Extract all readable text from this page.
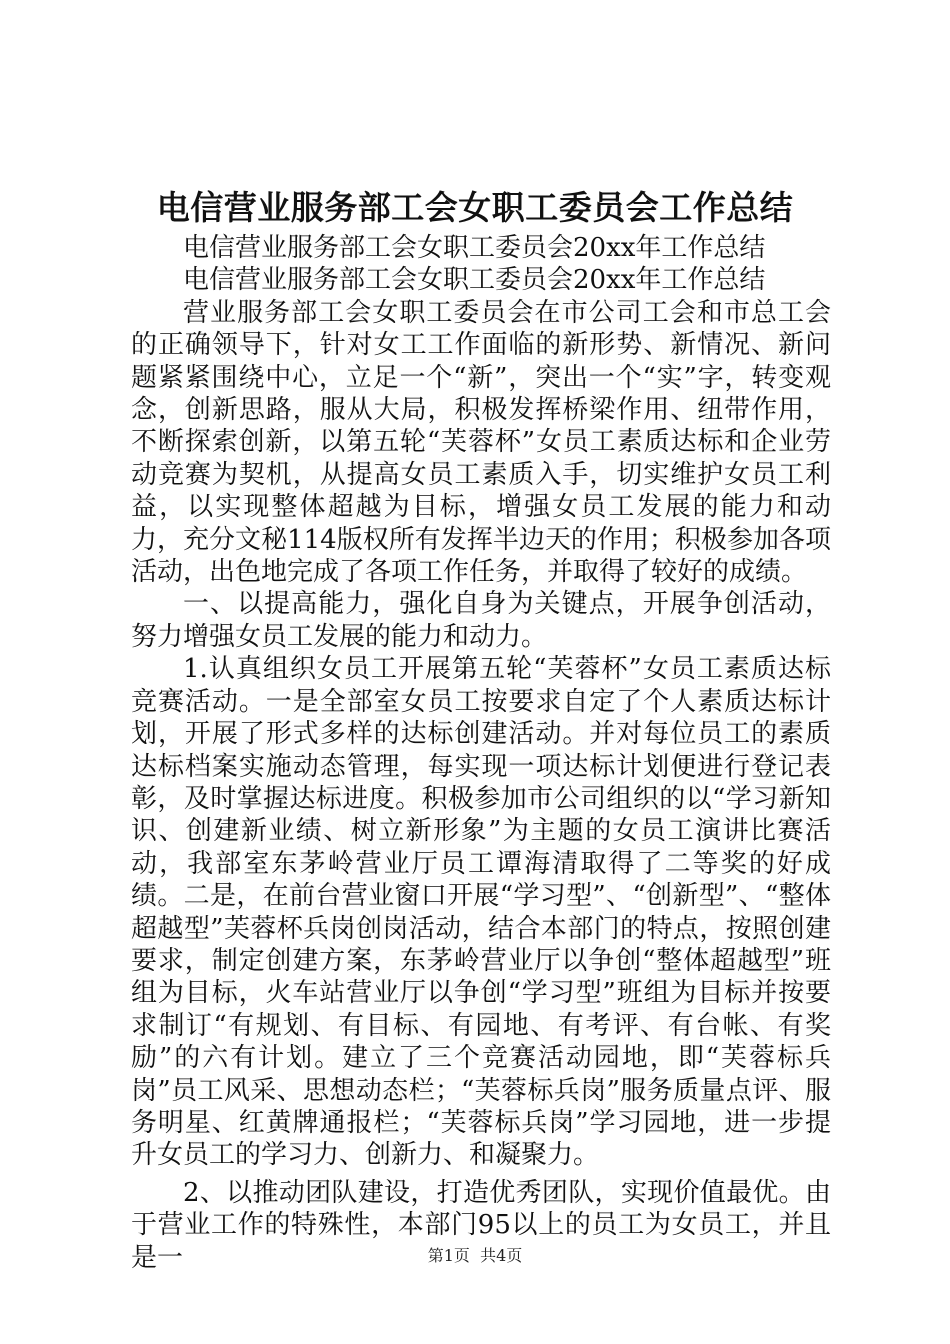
电信营业服务部工会女职工委员会工作总结

电信营业服务部工会女职工委员会20xx年工作总结

电信营业服务部工会女职工委员会20xx年工作总结

营业服务部工会女职工委员会在市公司工会和市总工会的正确领导下，针对女工工作面临的新形势、新情况、新问题紧紧围绕中心，立足一个“新”，突出一个“实”字，转变观念，创新思路，服从大局，积极发挥桥梁作用、纽带作用，不断探索创新，以第五轮“芙蓉杯”女员工素质达标和企业劳动竞赛为契机，从提高女员工素质入手，切实维护女员工利益，以实现整体超越为目标，增强女员工发展的能力和动力，充分文秘114版权所有发挥半边天的作用；积极参加各项活动，出色地完成了各项工作任务，并取得了较好的成绩。

一、以提高能力，强化自身为关键点，开展争创活动，努力增强女员工发展的能力和动力。

1.认真组织女员工开展第五轮“芙蓉杯”女员工素质达标竞赛活动。一是全部室女员工按要求自定了个人素质达标计划，开展了形式多样的达标创建活动。并对每位员工的素质达标档案实施动态管理，每实现一项达标计划便进行登记表彰，及时掌握达标进度。积极参加市公司组织的以“学习新知识、创建新业绩、树立新形象”为主题的女员工演讲比赛活动，我部室东茅岭营业厅员工谭海清取得了二等奖的好成绩。二是，在前台营业窗口开展“学习型”、“创新型”、“整体超越型”芙蓉杯兵岗创岗活动，结合本部门的特点，按照创建要求，制定创建方案，东茅岭营业厅以争创“整体超越型”班组为目标，火车站营业厅以争创“学习型”班组为目标并按要求制订“有规划、有目标、有园地、有考评、有台帐、有奖励”的六有计划。建立了三个竞赛活动园地，即“芙蓉标兵岗”员工风采、思想动态栏；“芙蓉标兵岗”服务质量点评、服务明星、红黄牌通报栏；“芙蓉标兵岗”学习园地，进一步提升女员工的学习力、创新力、和凝聚力。

2、以推动团队建设，打造优秀团队，实现价值最优。由于营业工作的特殊性，本部门95以上的员工为女员工，并且是一	第1页 共4页
